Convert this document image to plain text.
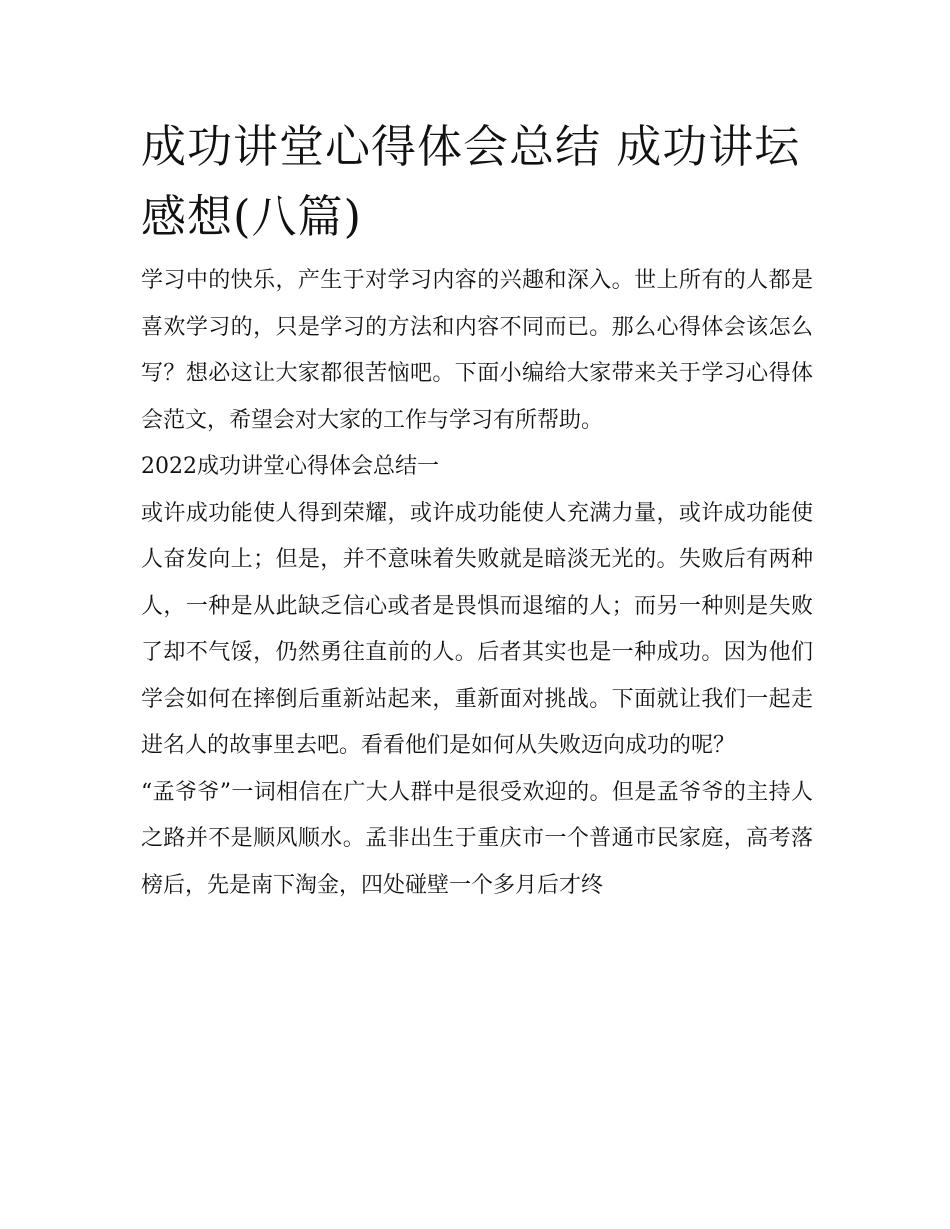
成功讲堂心得体会总结 成功讲坛感想(八篇)

学习中的快乐，产生于对学习内容的兴趣和深入。世上所有的人都是喜欢学习的，只是学习的方法和内容不同而已。那么心得体会该怎么写？想必这让大家都很苦恼吧。下面小编给大家带来关于学习心得体会范文，希望会对大家的工作与学习有所帮助。

2022成功讲堂心得体会总结一

或许成功能使人得到荣耀，或许成功能使人充满力量，或许成功能使人奋发向上；但是，并不意味着失败就是暗淡无光的。失败后有两种人，一种是从此缺乏信心或者是畏惧而退缩的人；而另一种则是失败了却不气馁，仍然勇往直前的人。后者其实也是一种成功。因为他们学会如何在摔倒后重新站起来，重新面对挑战。下面就让我们一起走进名人的故事里去吧。看看他们是如何从失败迈向成功的呢？

“孟爷爷”一词相信在广大人群中是很受欢迎的。但是孟爷爷的主持人之路并不是顺风顺水。孟非出生于重庆市一个普通市民家庭，高考落榜后，先是南下淘金，四处碰壁一个多月后才终
